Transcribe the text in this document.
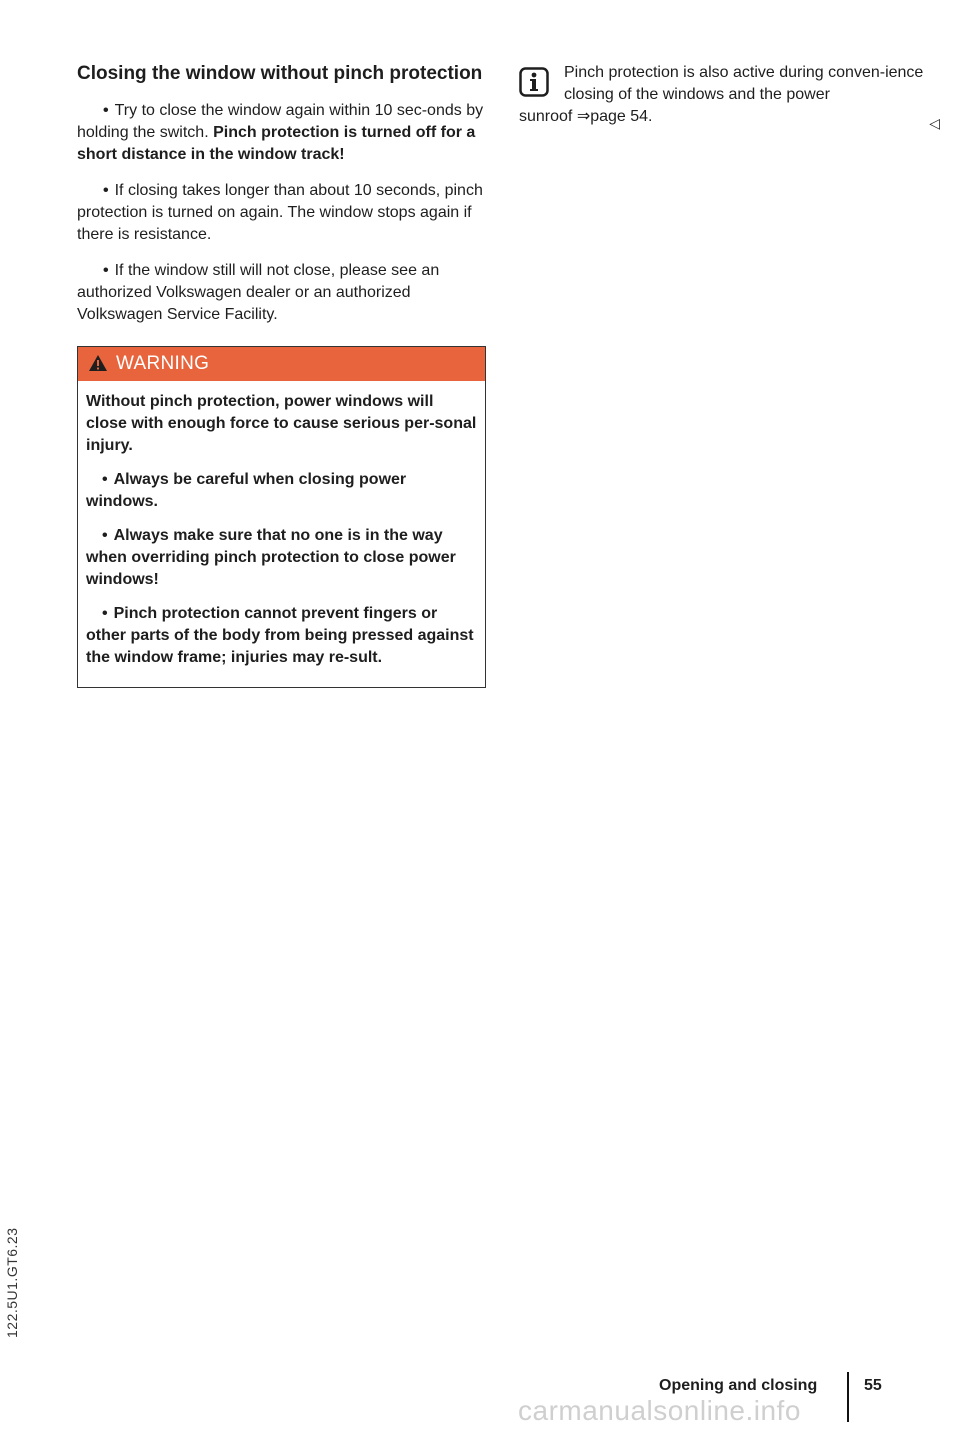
Closing the window without pinch protection
• Try to close the window again within 10 sec-onds by holding the switch. Pinch protection is turned off for a short distance in the window track!
• If closing takes longer than about 10 seconds, pinch protection is turned on again. The window stops again if there is resistance.
• If the window still will not close, please see an authorized Volkswagen dealer or an authorized Volkswagen Service Facility.
WARNING

Without pinch protection, power windows will close with enough force to cause serious per-sonal injury.

• Always be careful when closing power windows.
• Always make sure that no one is in the way when overriding pinch protection to close power windows!
• Pinch protection cannot prevent fingers or other parts of the body from being pressed against the window frame; injuries may re-sult.
Pinch protection is also active during conven-ience closing of the windows and the power
sunroof ⇒page 54.	◁
122.5U1.GT6.23
Opening and closing	55
carmanualsonline.info
